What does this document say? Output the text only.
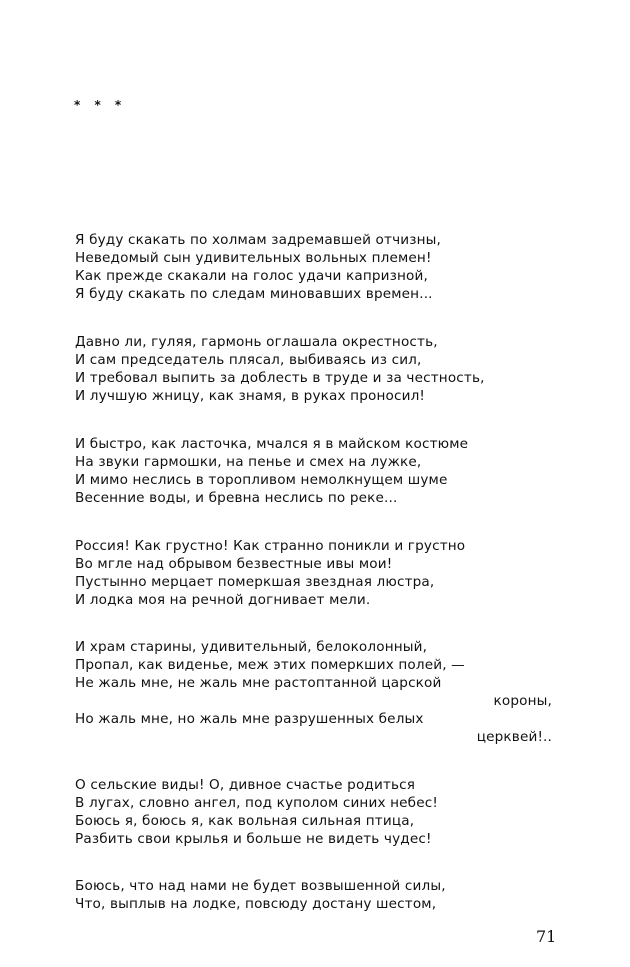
* * *
Я буду скакать по холмам задремавшей отчизны,
Неведомый сын удивительных вольных племен!
Как прежде скакали на голос удачи капризной,
Я буду скакать по следам миновавших времен...
Давно ли, гуляя, гармонь оглашала окрестность,
И сам председатель плясал, выбиваясь из сил,
И требовал выпить за доблесть в труде и за честность,
И лучшую жницу, как знамя, в руках проносил!
И быстро, как ласточка, мчался я в майском костюме
На звуки гармошки, на пенье и смех на лужке,
И мимо неслись в торопливом немолкнущем шуме
Весенние воды, и бревна неслись по реке...
Россия! Как грустно! Как странно поникли и грустно
Во мгле над обрывом безвестные ивы мои!
Пустынно мерцает померкшая звездная люстра,
И лодка моя на речной догнивает мели.
И храм старины, удивительный, белоколонный,
Пропал, как виденье, меж этих померкших полей, —
Не жаль мне, не жаль мне растоптанной царской
короны,
Но жаль мне, но жаль мне разрушенных белых
церквей!..
О сельские виды! О, дивное счастье родиться
В лугах, словно ангел, под куполом синих небес!
Боюсь я, боюсь я, как вольная сильная птица,
Разбить свои крылья и больше не видеть чудес!
Боюсь, что над нами не будет возвышенной силы,
Что, выплыв на лодке, повсюду достану шестом,
71
